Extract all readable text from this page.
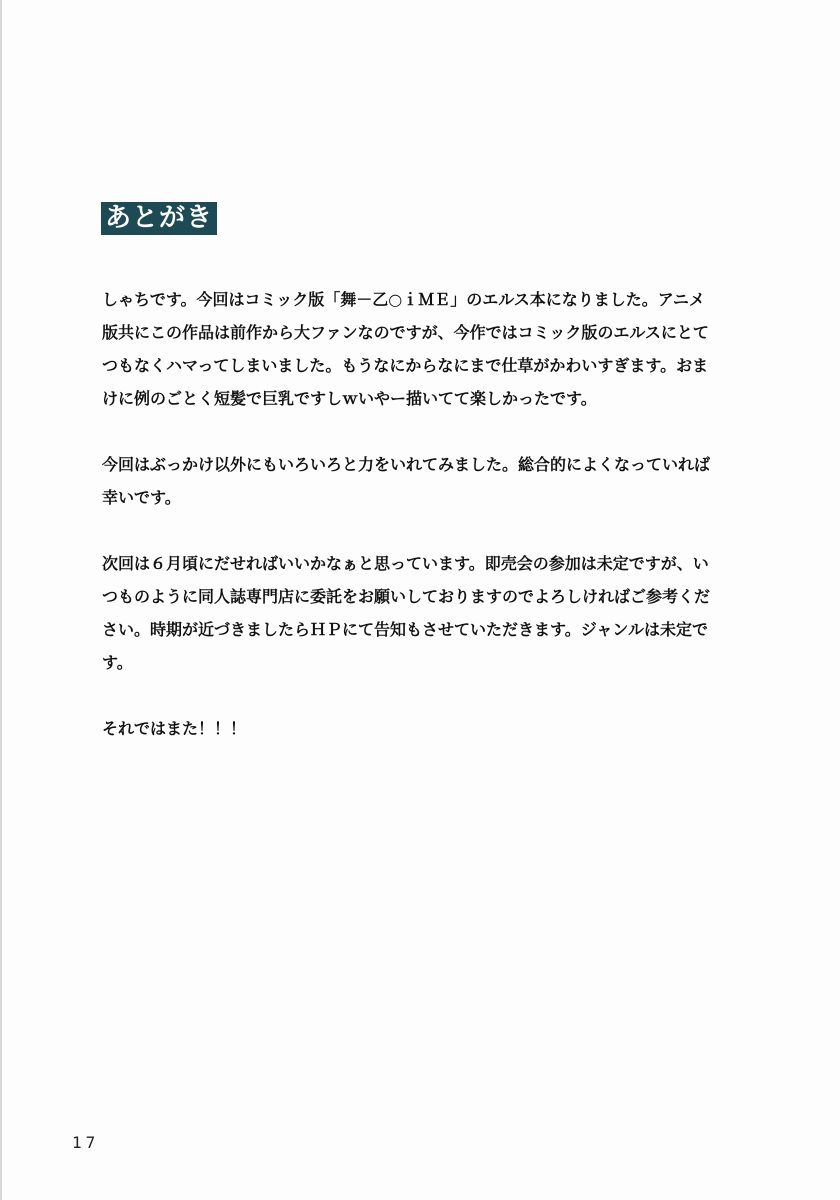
あとがき
しゃちです。今回はコミック版「舞－乙○ｉＭＥ」のエルス本になりました。アニメ
版共にこの作品は前作から大ファンなのですが、今作ではコミック版のエルスにとて
つもなくハマってしまいました。もうなにからなにまで仕草がかわいすぎます。おま
けに例のごとく短髪で巨乳ですしｗいやー描いてて楽しかったです。
今回はぶっかけ以外にもいろいろと力をいれてみました。総合的によくなっていれば
幸いです。
次回は６月頃にだせればいいかなぁと思っています。即売会の参加は未定ですが、い
つものように同人誌専門店に委託をお願いしておりますのでよろしければご参考くだ
さい。時期が近づきましたらＨＰにて告知もさせていただきます。ジャンルは未定で
す。
それではまた！！！
17
